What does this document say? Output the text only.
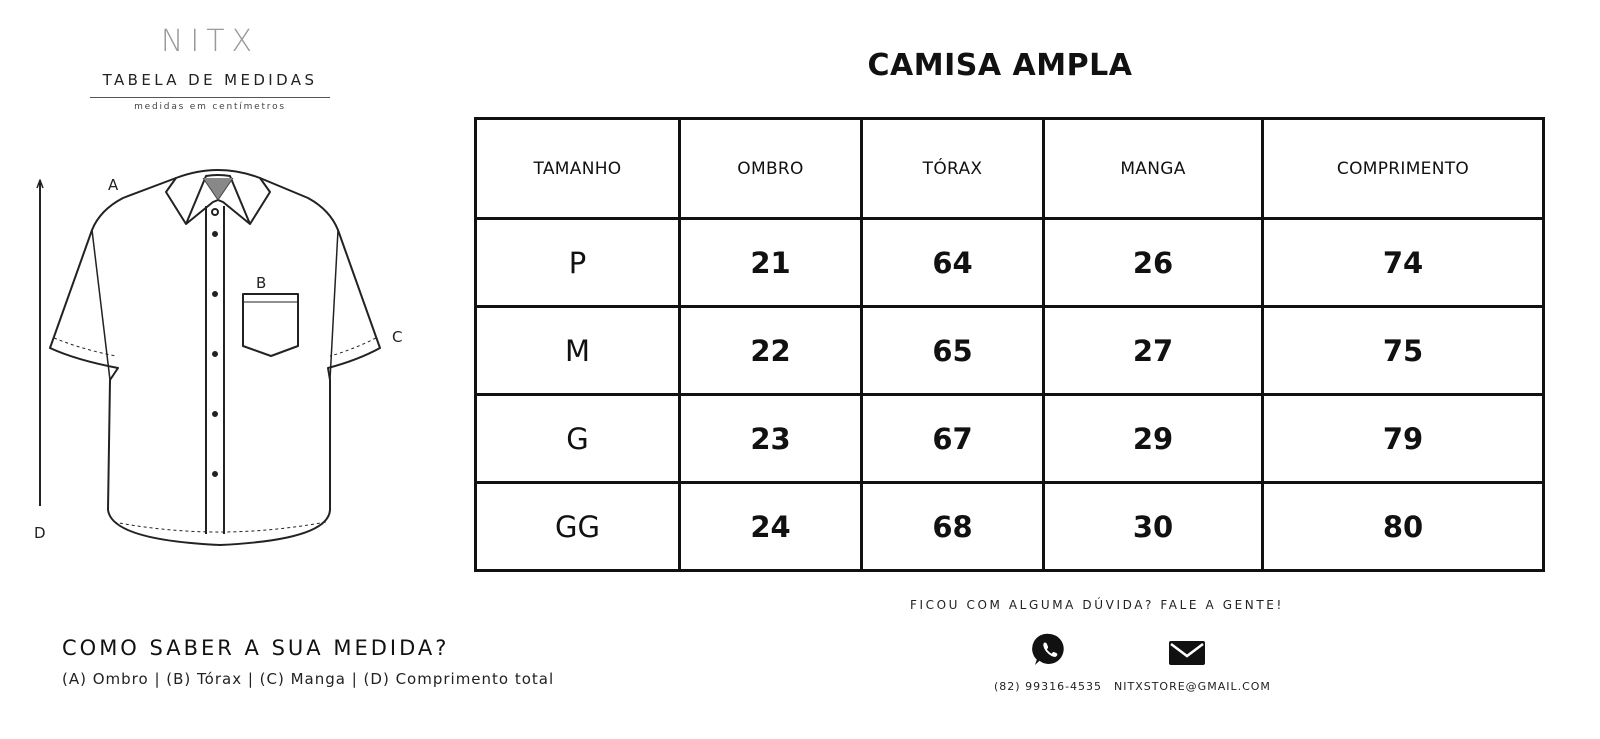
NITX
TABELA DE MEDIDAS
medidas em centímetros
A
B
C
D
CAMISA AMPLA
TAMANHO	OMBRO	TÓRAX	MANGA	COMPRIMENTO
P	21	64	26	74
M	22	65	27	75
G	23	67	29	79
GG	24	68	30	80
COMO SABER A SUA MEDIDA?
(A) Ombro | (B) Tórax | (C) Manga | (D) Comprimento total
FICOU COM ALGUMA DÚVIDA? FALE A GENTE!
(82) 99316-4535 NITXSTORE@GMAIL.COM
